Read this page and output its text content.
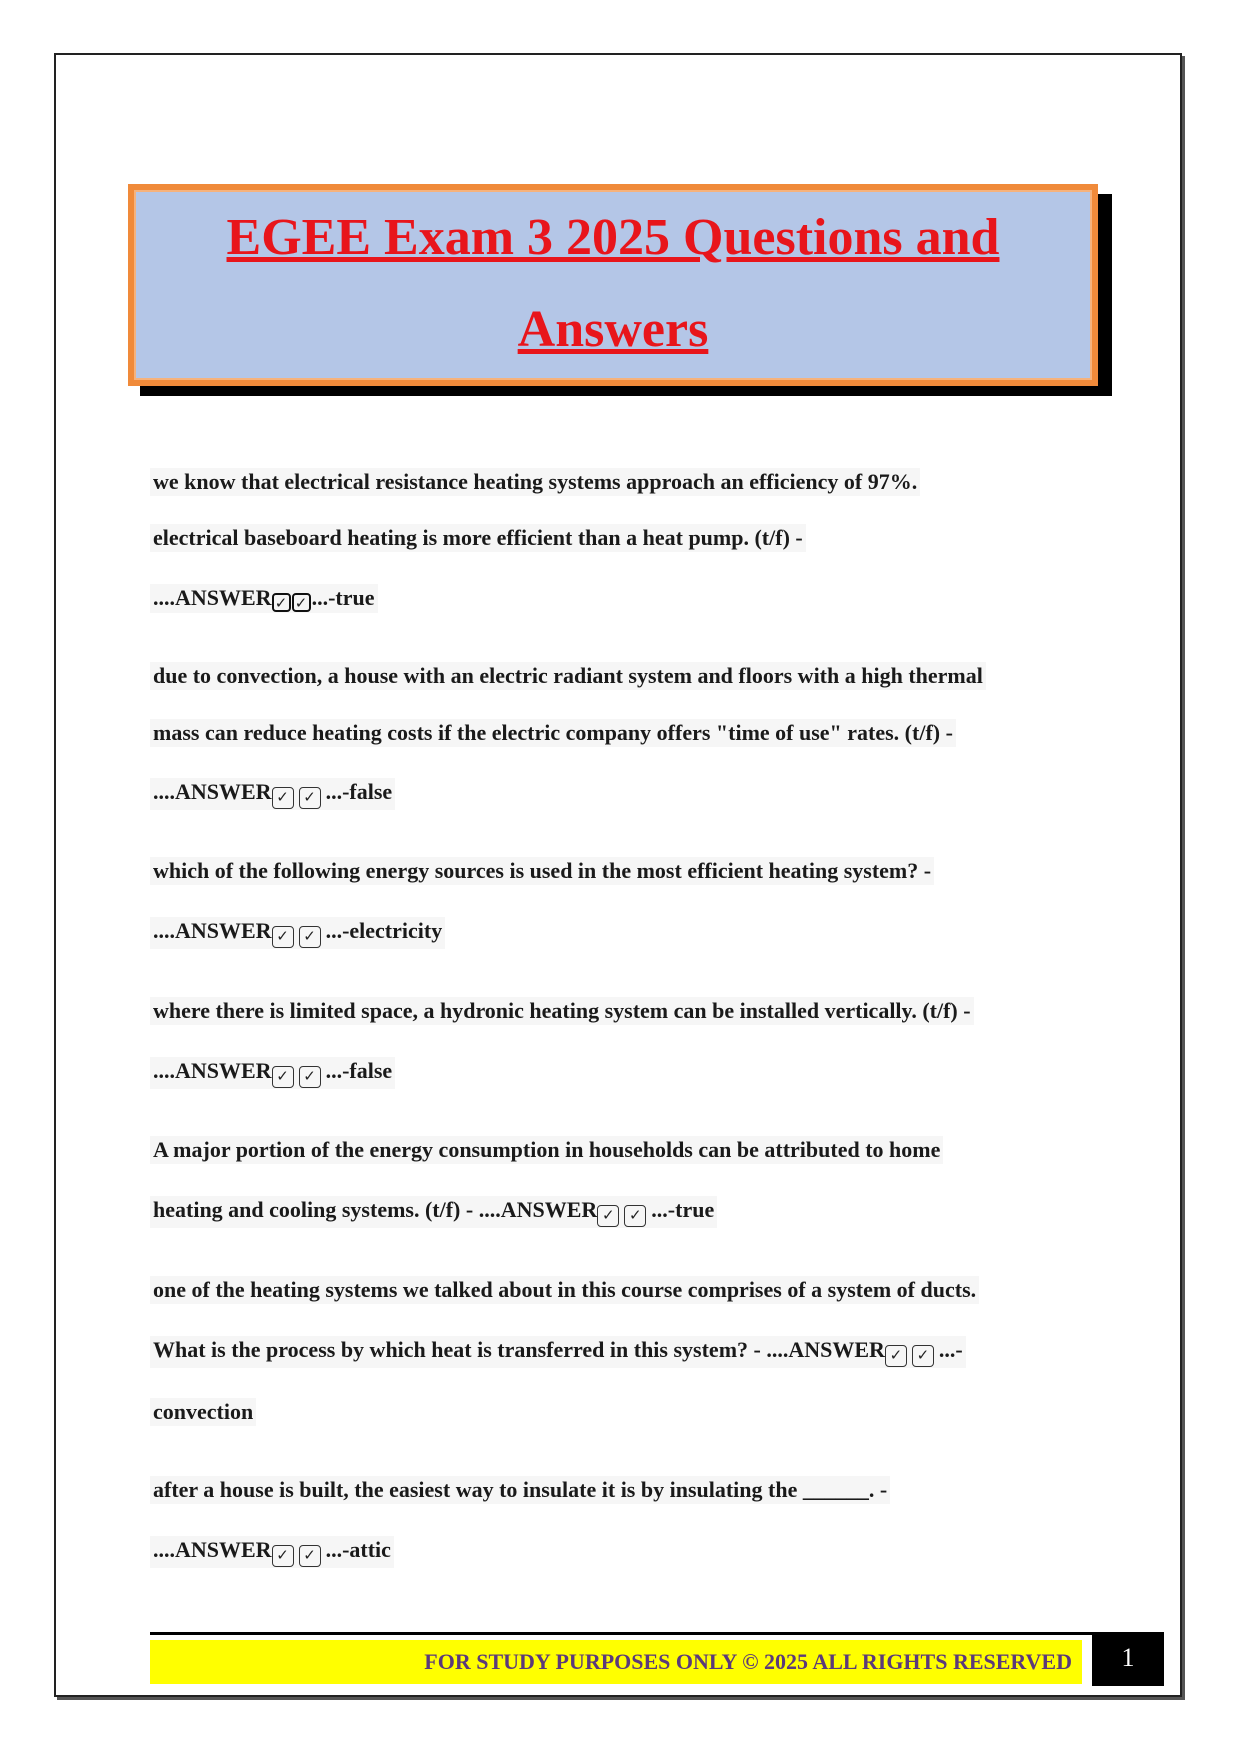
EGEE Exam 3 2025 Questions and

Answers

we know that electrical resistance heating systems approach an efficiency of 97%.
electrical baseboard heating is more efficient than a heat pump. (t/f) -
....ANSWER ✓ ✓ ...-true
due to convection, a house with an electric radiant system and floors with a high thermal
mass can reduce heating costs if the electric company offers "time of use" rates. (t/f) -
....ANSWER ✓ ✓ ...-false
which of the following energy sources is used in the most efficient heating system? -
....ANSWER ✓ ✓ ...-electricity
where there is limited space, a hydronic heating system can be installed vertically. (t/f) -
....ANSWER ✓ ✓ ...-false
A major portion of the energy consumption in households can be attributed to home
heating and cooling systems. (t/f) - ....ANSWER ✓ ✓ ...-true
one of the heating systems we talked about in this course comprises of a system of ducts.
What is the process by which heat is transferred in this system? - ....ANSWER ✓ ✓ ...-
convection
after a house is built, the easiest way to insulate it is by insulating the ______. -
....ANSWER ✓ ✓ ...-attic
FOR STUDY PURPOSES ONLY © 2025 ALL RIGHTS RESERVED	1
